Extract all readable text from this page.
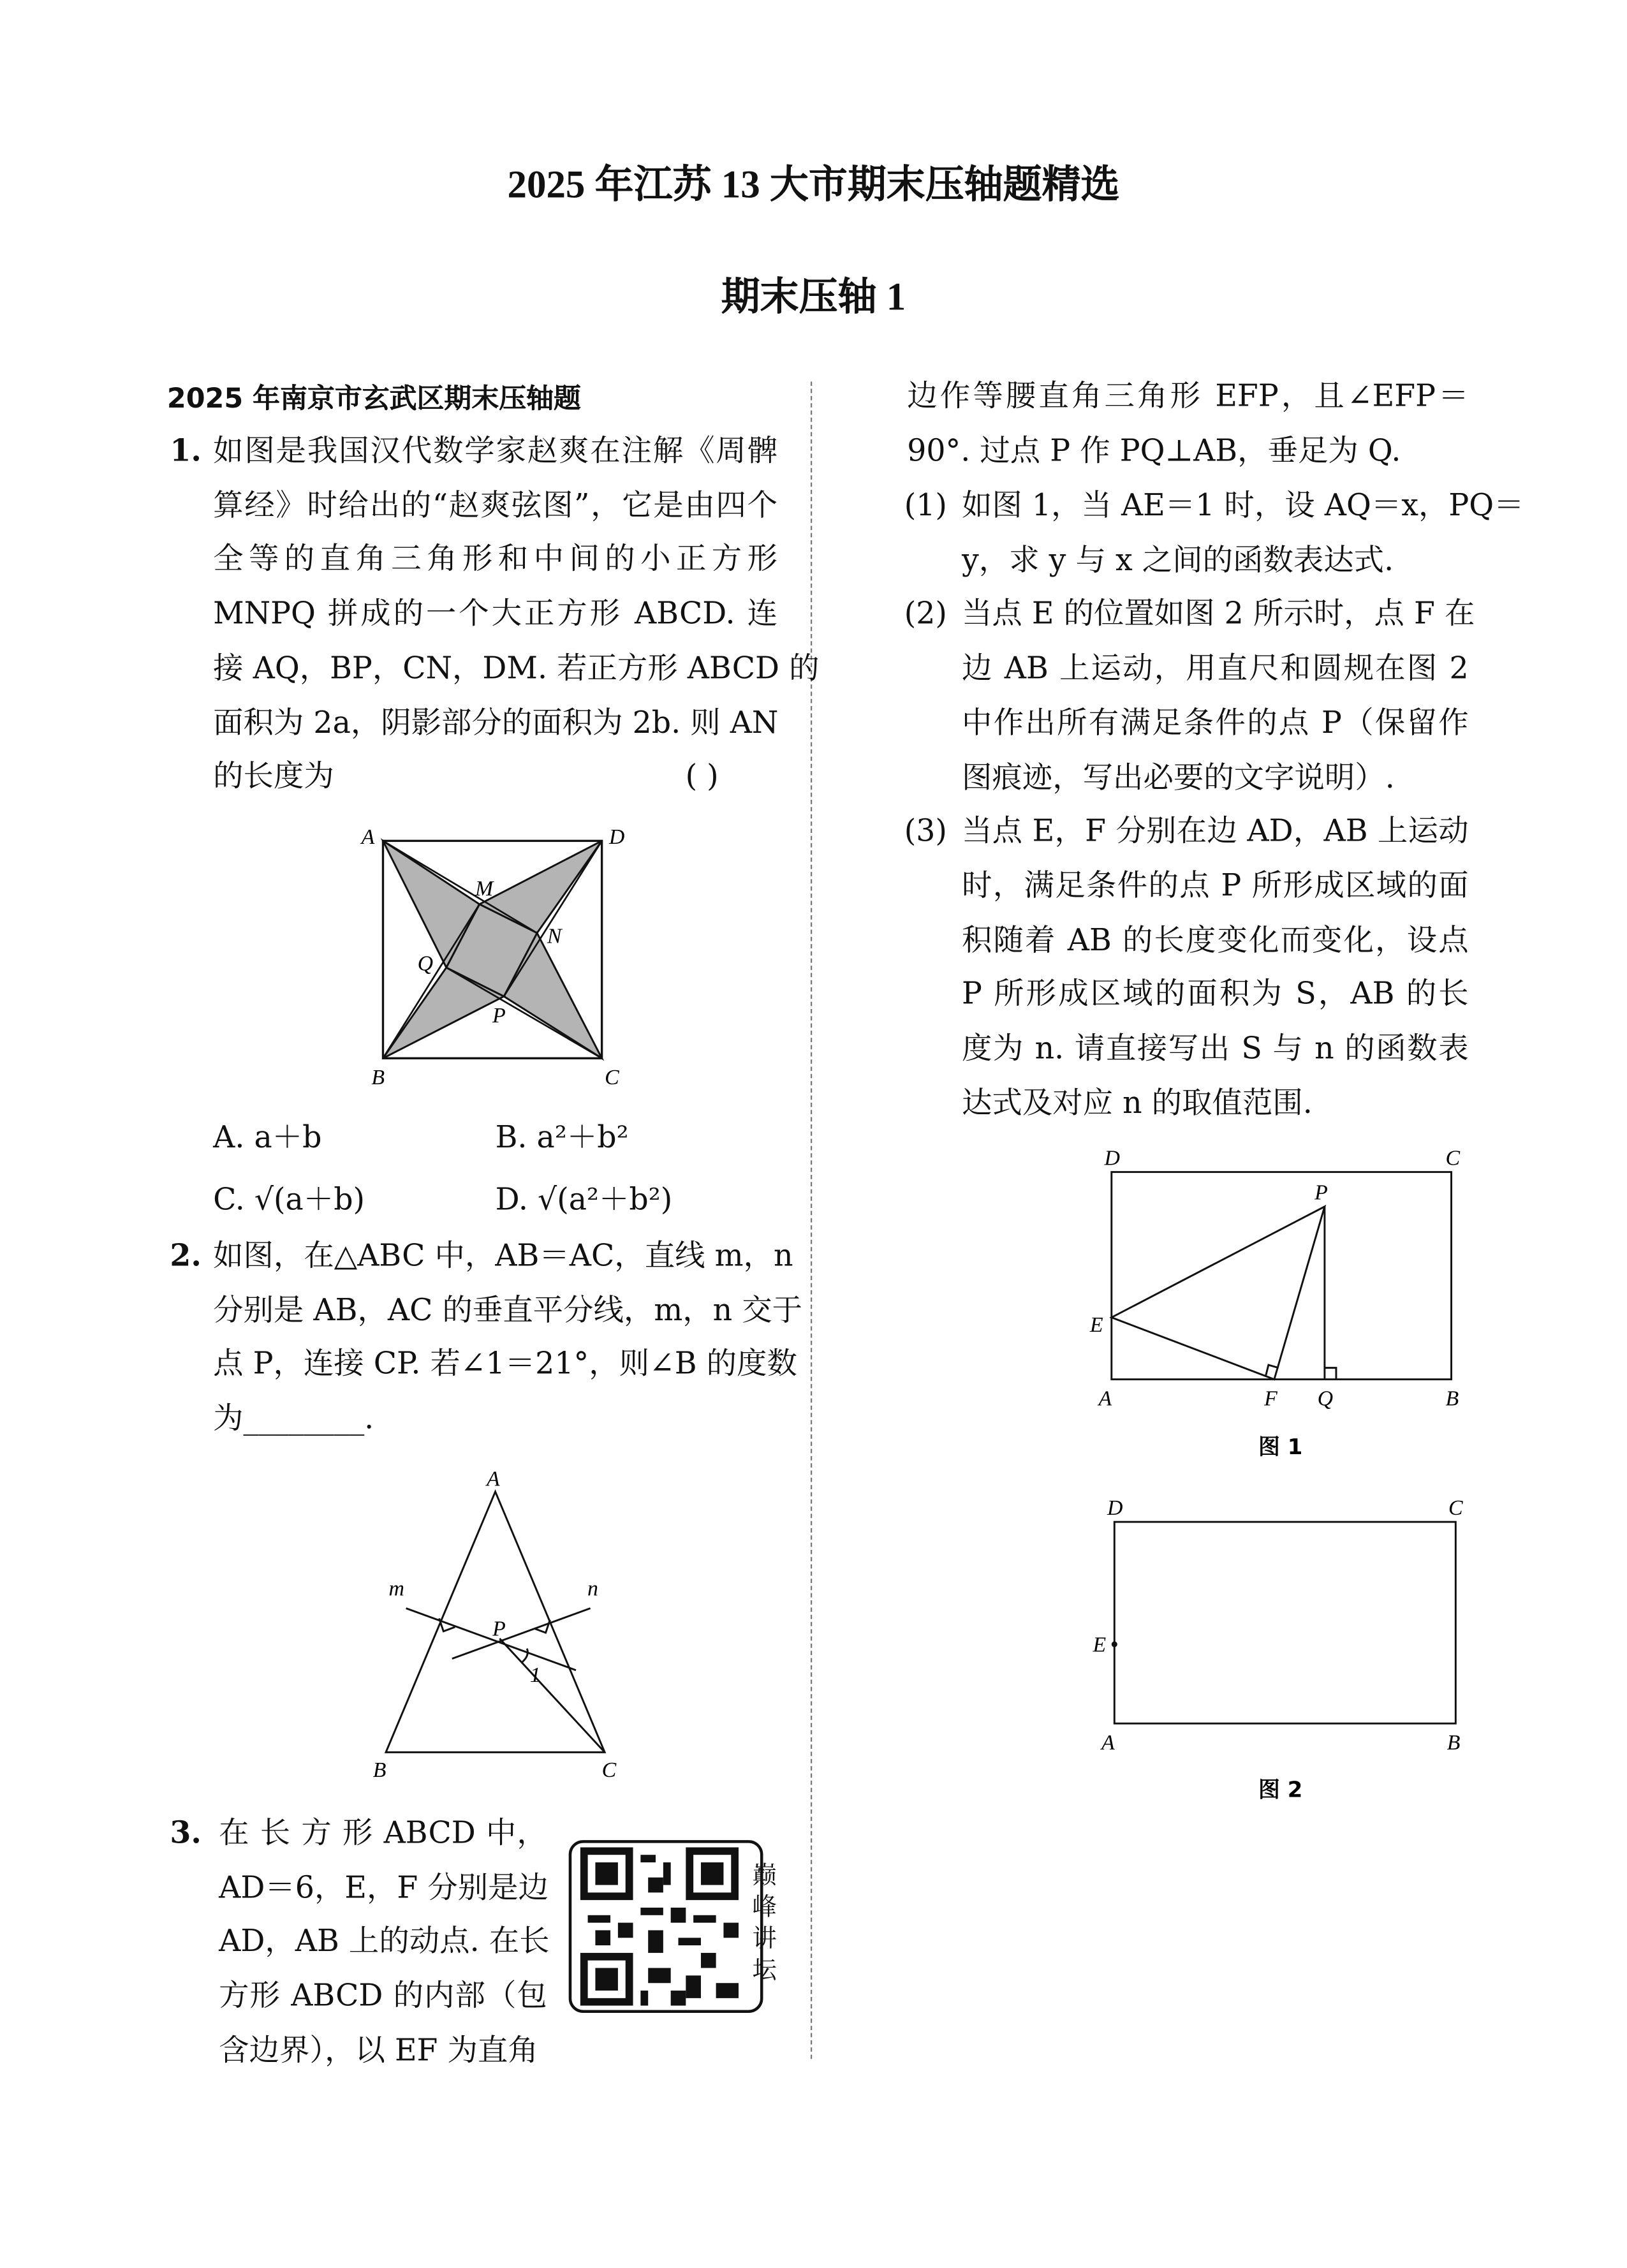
2025 年江苏 13 大市期末压轴题精选
期末压轴 1
2025 年南京市玄武区期末压轴题
1. 如图是我国汉代数学家赵爽在注解《周髀
算经》时给出的“赵爽弦图”，它是由四个
全等的直角三角形和中间的小正方形
MNPQ 拼成的一个大正方形 ABCD. 连
接 AQ，BP，CN，DM. 若正方形 ABCD 的
面积为 2a，阴影部分的面积为 2b. 则 AN
的长度为	( )
A. a＋b	B. a²＋b²
C. √(a＋b)	D. √(a²＋b²)
2. 如图，在△ABC 中，AB＝AC，直线 m，n
分别是 AB，AC 的垂直平分线，m，n 交于
点 P，连接 CP. 若∠1＝21°，则∠B 的度数
为________.
3. 在 长 方 形 ABCD 中，
AD＝6，E，F 分别是边
AD，AB 上的动点. 在长
方形 ABCD 的内部（包
含边界），以 EF 为直角
边作等腰直角三角形 EFP，且∠EFP＝
90°. 过点 P 作 PQ⊥AB，垂足为 Q.
(1) 如图 1，当 AE＝1 时，设 AQ＝x，PQ＝
y，求 y 与 x 之间的函数表达式.
(2) 当点 E 的位置如图 2 所示时，点 F 在
边 AB 上运动，用直尺和圆规在图 2
中作出所有满足条件的点 P（保留作
图痕迹，写出必要的文字说明）.
(3) 当点 E，F 分别在边 AD，AB 上运动
时，满足条件的点 P 所形成区域的面
积随着 AB 的长度变化而变化，设点
P 所形成区域的面积为 S，AB 的长
度为 n. 请直接写出 S 与 n 的函数表
达式及对应 n 的取值范围.
A	D
B	C
M
N
P
Q
A
B	C
P
m	n
1
巅峰讲坛
D	C
A	B
E
F	Q
P
图 1
D	C
A	B
E
图 2
